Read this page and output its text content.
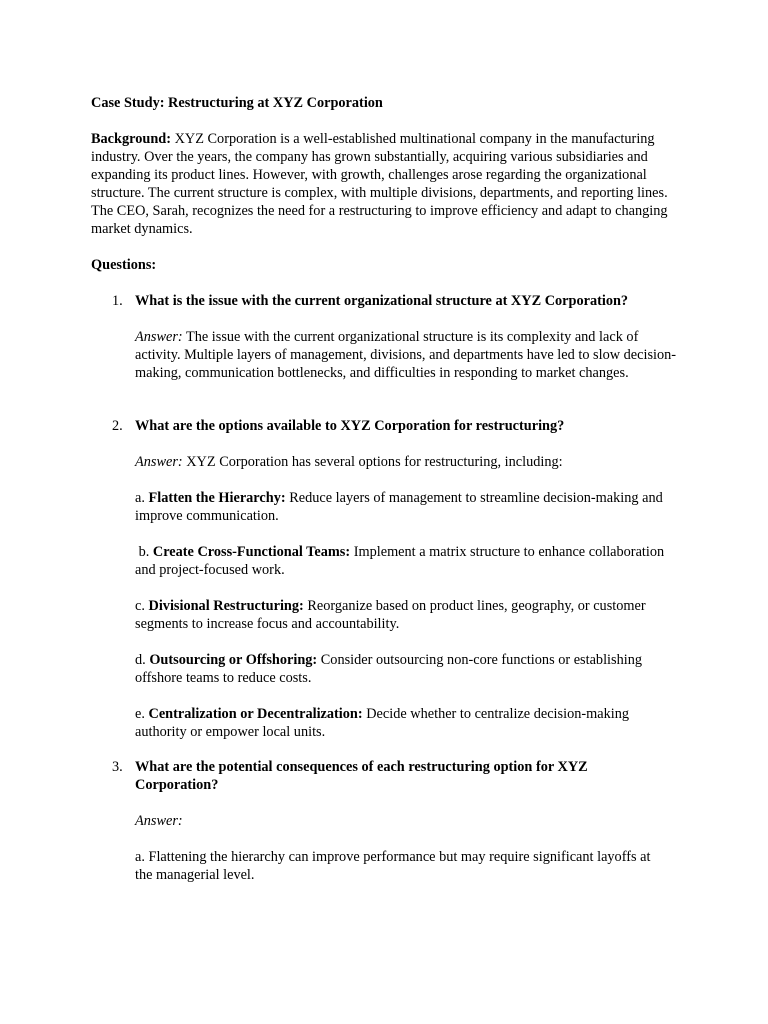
Case Study: Restructuring at XYZ Corporation

Background: XYZ Corporation is a well-established multinational company in the manufacturing industry. Over the years, the company has grown substantially, acquiring various subsidiaries and expanding its product lines. However, with growth, challenges arose regarding the organizational structure. The current structure is complex, with multiple divisions, departments, and reporting lines. The CEO, Sarah, recognizes the need for a restructuring to improve efficiency and adapt to changing market dynamics.

Questions:

1. What is the issue with the current organizational structure at XYZ Corporation?

Answer: The issue with the current organizational structure is its complexity and lack of activity. Multiple layers of management, divisions, and departments have led to slow decision-making, communication bottlenecks, and difficulties in responding to market changes.

2. What are the options available to XYZ Corporation for restructuring?

Answer: XYZ Corporation has several options for restructuring, including:

a. Flatten the Hierarchy: Reduce layers of management to streamline decision-making and improve communication.

b. Create Cross-Functional Teams: Implement a matrix structure to enhance collaboration and project-focused work.

c. Divisional Restructuring: Reorganize based on product lines, geography, or customer segments to increase focus and accountability.

d. Outsourcing or Offshoring: Consider outsourcing non-core functions or establishing offshore teams to reduce costs.

e. Centralization or Decentralization: Decide whether to centralize decision-making authority or empower local units.

3. What are the potential consequences of each restructuring option for XYZ Corporation?

Answer:

a. Flattening the hierarchy can improve performance but may require significant layoffs at the managerial level.
